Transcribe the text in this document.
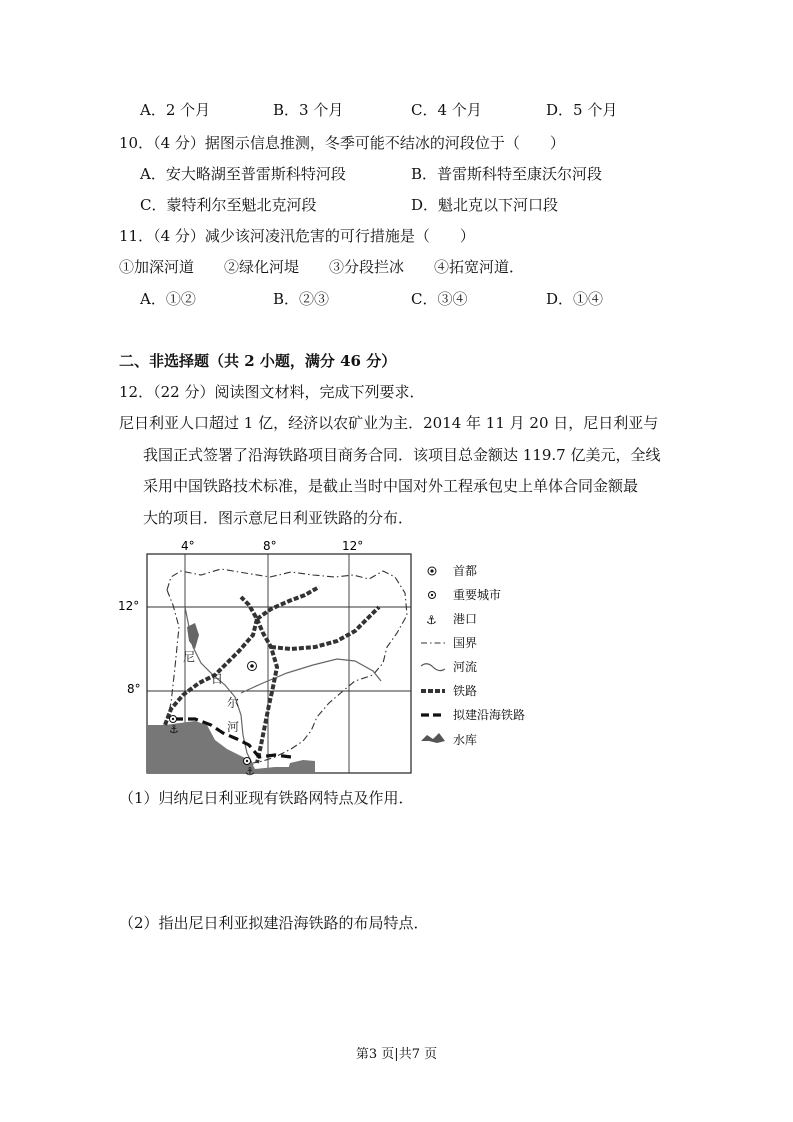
A．2 个月	B．3 个月	C．4 个月	D．5 个月
10．（4 分）据图示信息推测，冬季可能不结冰的河段位于（　　）
A．安大略湖至普雷斯科特河段	B．普雷斯科特至康沃尔河段
C．蒙特利尔至魁北克河段	D．魁北克以下河口段
11．（4 分）减少该河凌汛危害的可行措施是（　　）
①加深河道　　②绿化河堤　　③分段拦冰　　④拓宽河道．
A．①②	B．②③	C．③④	D．①④
二、非选择题（共 2 小题，满分 46 分）
12．（22 分）阅读图文材料，完成下列要求．
尼日利亚人口超过 1 亿，经济以农矿业为主．2014 年 11 月 20 日，尼日利亚与
我国正式签署了沿海铁路项目商务合同．该项目总金额达 119.7 亿美元，全线
采用中国铁路技术标准，是截止当时中国对外工程承包史上单体合同金额最
大的项目．图示意尼日利亚铁路的分布．
4°	8°	12°
12°
8°
⚓
⚓
尼
日
尔
河
首都
重要城市
⚓ 港口
国界
河流
铁路
拟建沿海铁路
水库
（1）归纳尼日利亚现有铁路网特点及作用．
（2）指出尼日利亚拟建沿海铁路的布局特点．
第3 页|共7 页
